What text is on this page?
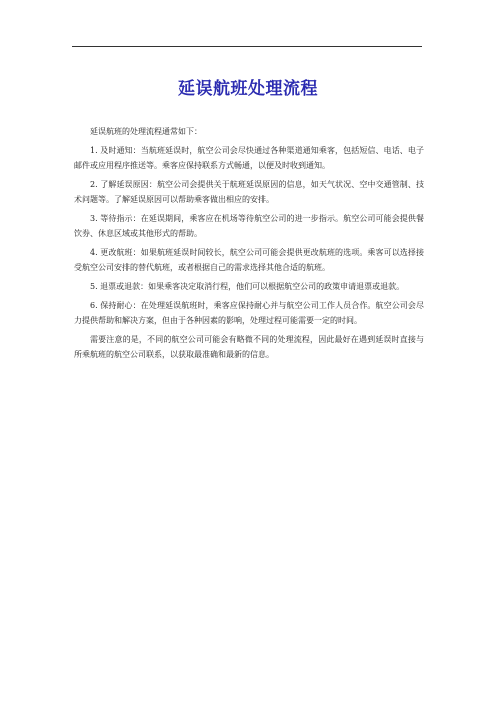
延误航班处理流程

延误航班的处理流程通常如下：

1. 及时通知：当航班延误时，航空公司会尽快通过各种渠道通知乘客，包括短信、电话、电子邮件或应用程序推送等。乘客应保持联系方式畅通，以便及时收到通知。

2. 了解延误原因：航空公司会提供关于航班延误原因的信息，如天气状况、空中交通管制、技术问题等。了解延误原因可以帮助乘客做出相应的安排。

3. 等待指示：在延误期间，乘客应在机场等待航空公司的进一步指示。航空公司可能会提供餐饮券、休息区域或其他形式的帮助。

4. 更改航班：如果航班延误时间较长，航空公司可能会提供更改航班的选项。乘客可以选择接受航空公司安排的替代航班，或者根据自己的需求选择其他合适的航班。

5. 退票或退款：如果乘客决定取消行程，他们可以根据航空公司的政策申请退票或退款。

6. 保持耐心：在处理延误航班时，乘客应保持耐心并与航空公司工作人员合作。航空公司会尽力提供帮助和解决方案，但由于各种因素的影响，处理过程可能需要一定的时间。

需要注意的是，不同的航空公司可能会有略微不同的处理流程，因此最好在遇到延误时直接与所乘航班的航空公司联系，以获取最准确和最新的信息。
